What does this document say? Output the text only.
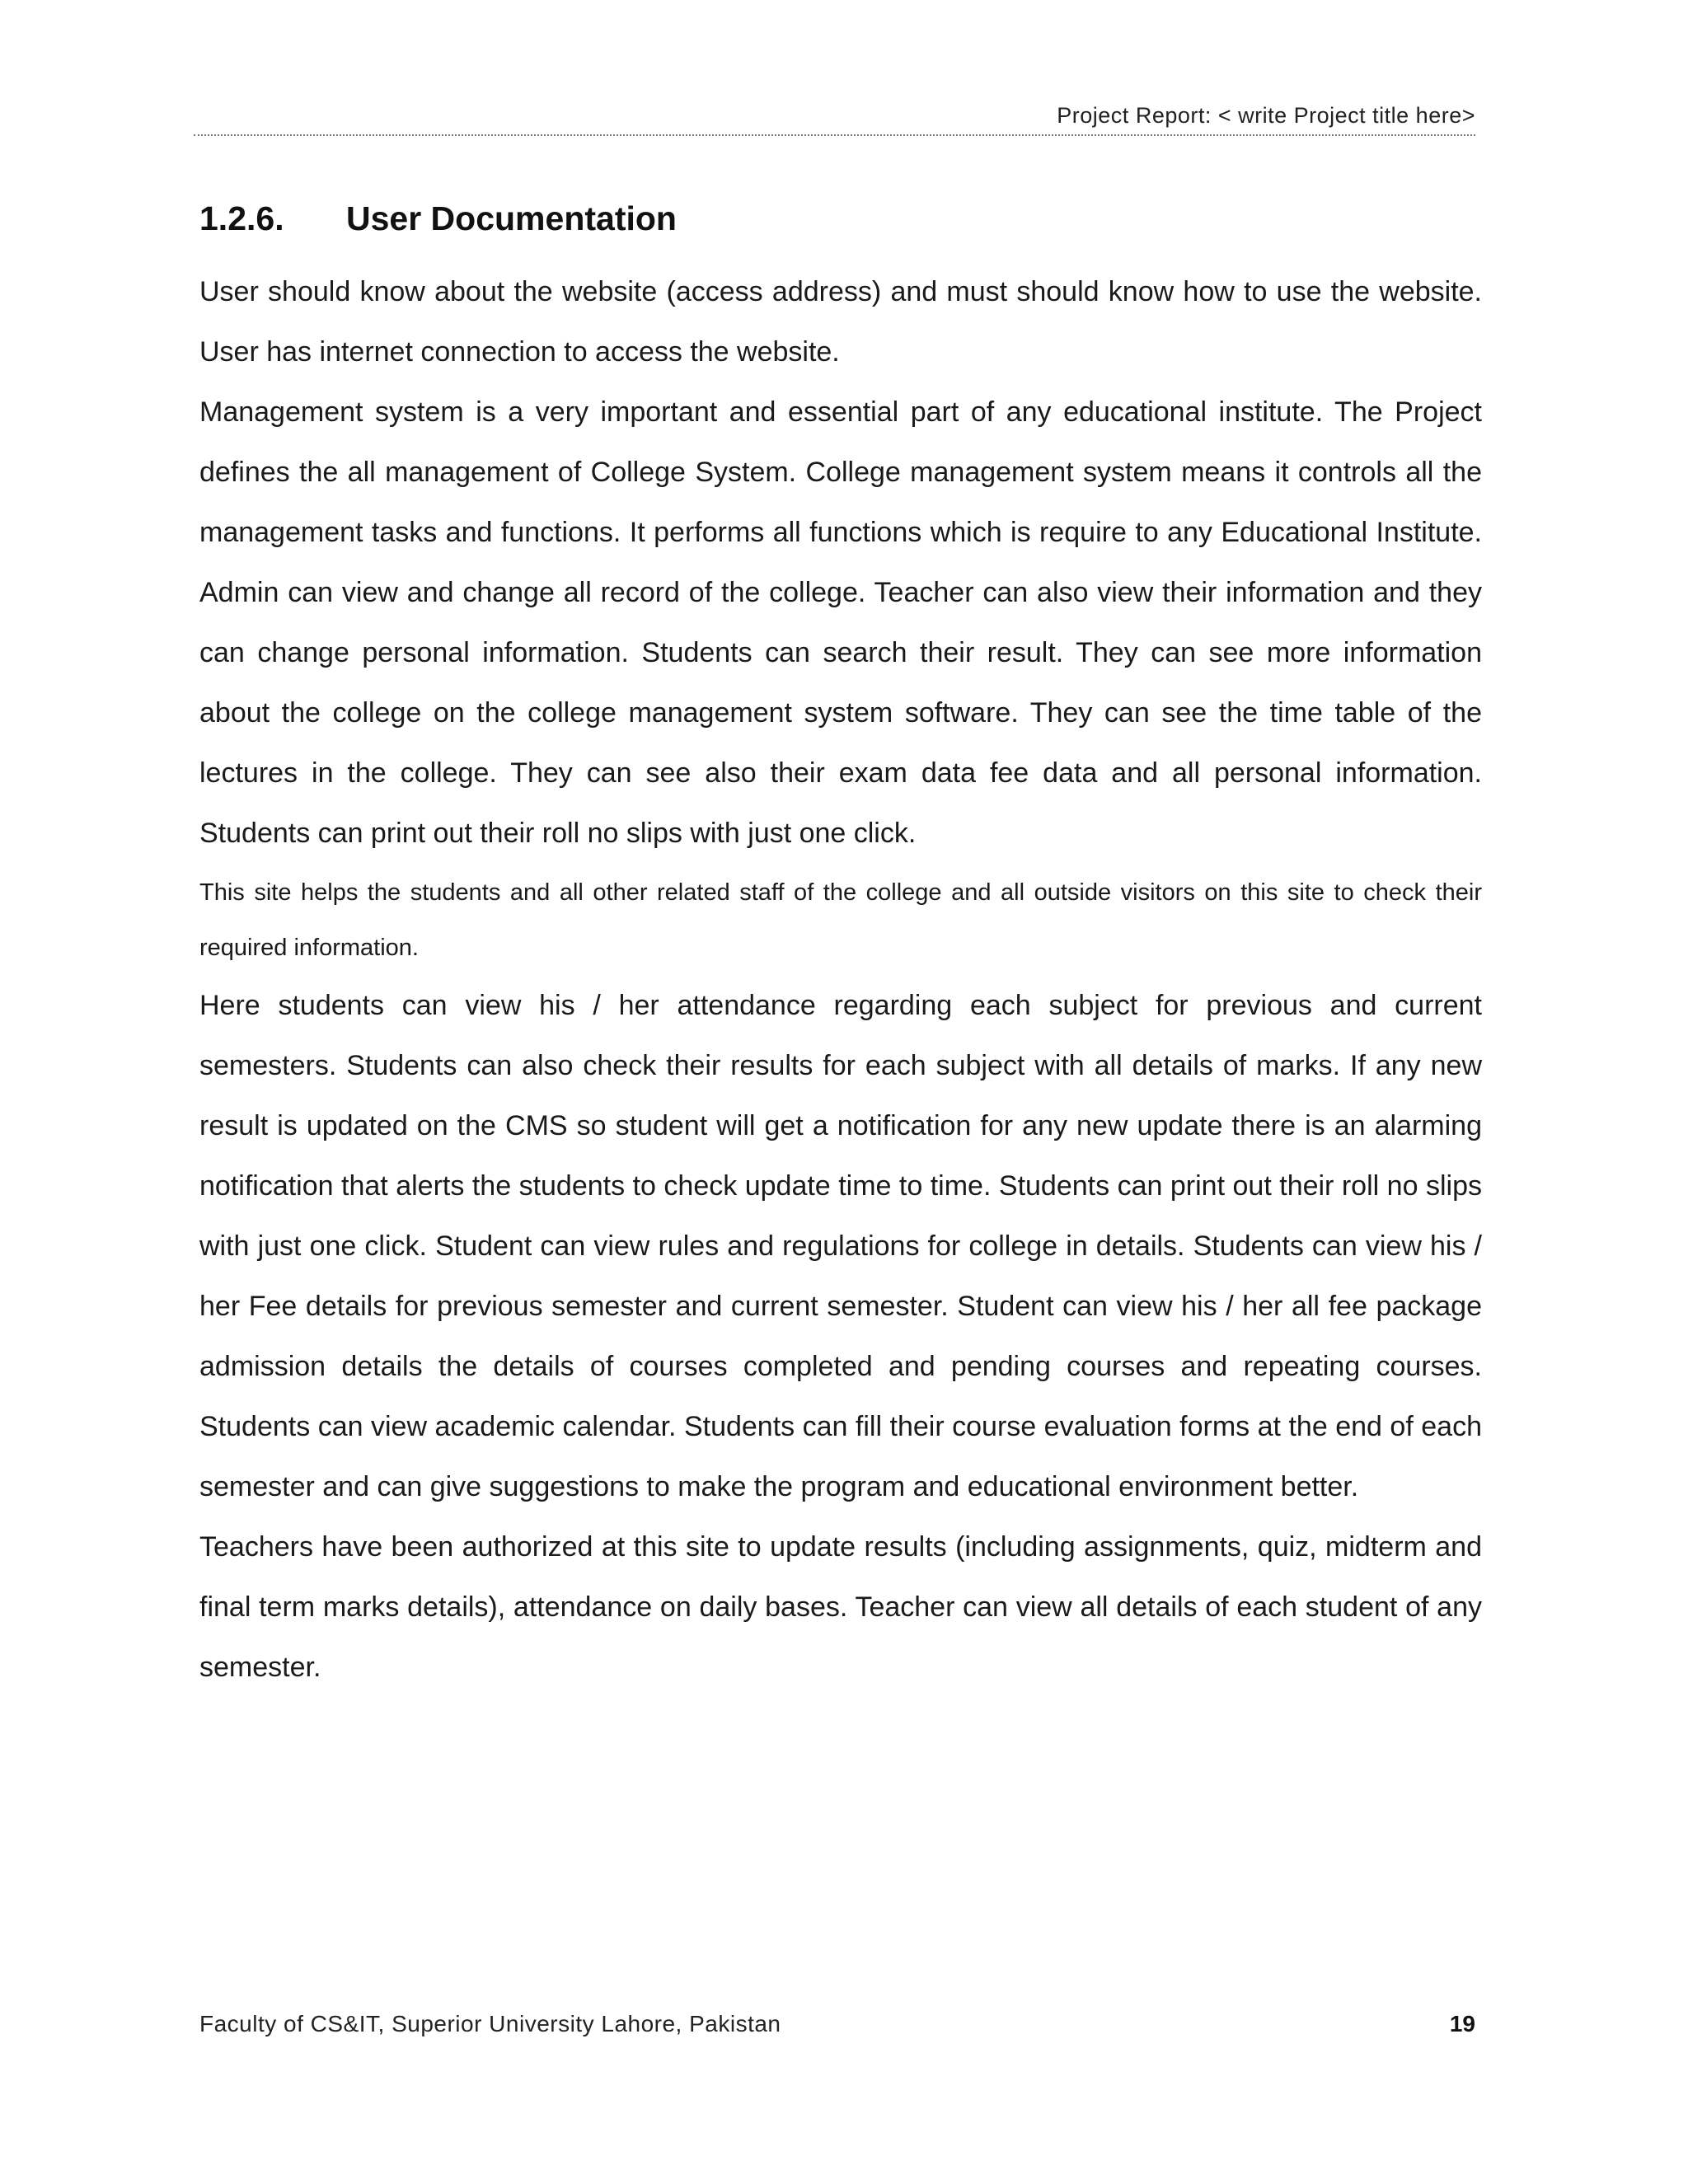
Project Report: < write Project title here>
1.2.6.	User Documentation

User should know about the website (access address) and must should know how to use the website. User has internet connection to access the website.

Management system is a very important and essential part of any educational institute. The Project defines the all management of College System. College management system means it controls all the management tasks and functions. It performs all functions which is require to any Educational Institute. Admin can view and change all record of the college. Teacher can also view their information and they can change personal information. Students can search their result. They can see more information about the college on the college management system software. They can see the time table of the lectures in the college. They can see also their exam data fee data and all personal information. Students can print out their roll no slips with just one click.

This site helps the students and all other related staff of the college and all outside visitors on this site to check their required information.

Here students can view his / her attendance regarding each subject for previous and current semesters. Students can also check their results for each subject with all details of marks. If any new result is updated on the CMS so student will get a notification for any new update there is an alarming notification that alerts the students to check update time to time. Students can print out their roll no slips with just one click. Student can view rules and regulations for college in details. Students can view his / her Fee details for previous semester and current semester. Student can view his / her all fee package admission details the details of courses completed and pending courses and repeating courses. Students can view academic calendar. Students can fill their course evaluation forms at the end of each semester and can give suggestions to make the program and educational environment better.

Teachers have been authorized at this site to update results (including assignments, quiz, midterm and final term marks details), attendance on daily bases. Teacher can view all details of each student of any semester.

Faculty of CS&IT, Superior University Lahore, Pakistan	19
